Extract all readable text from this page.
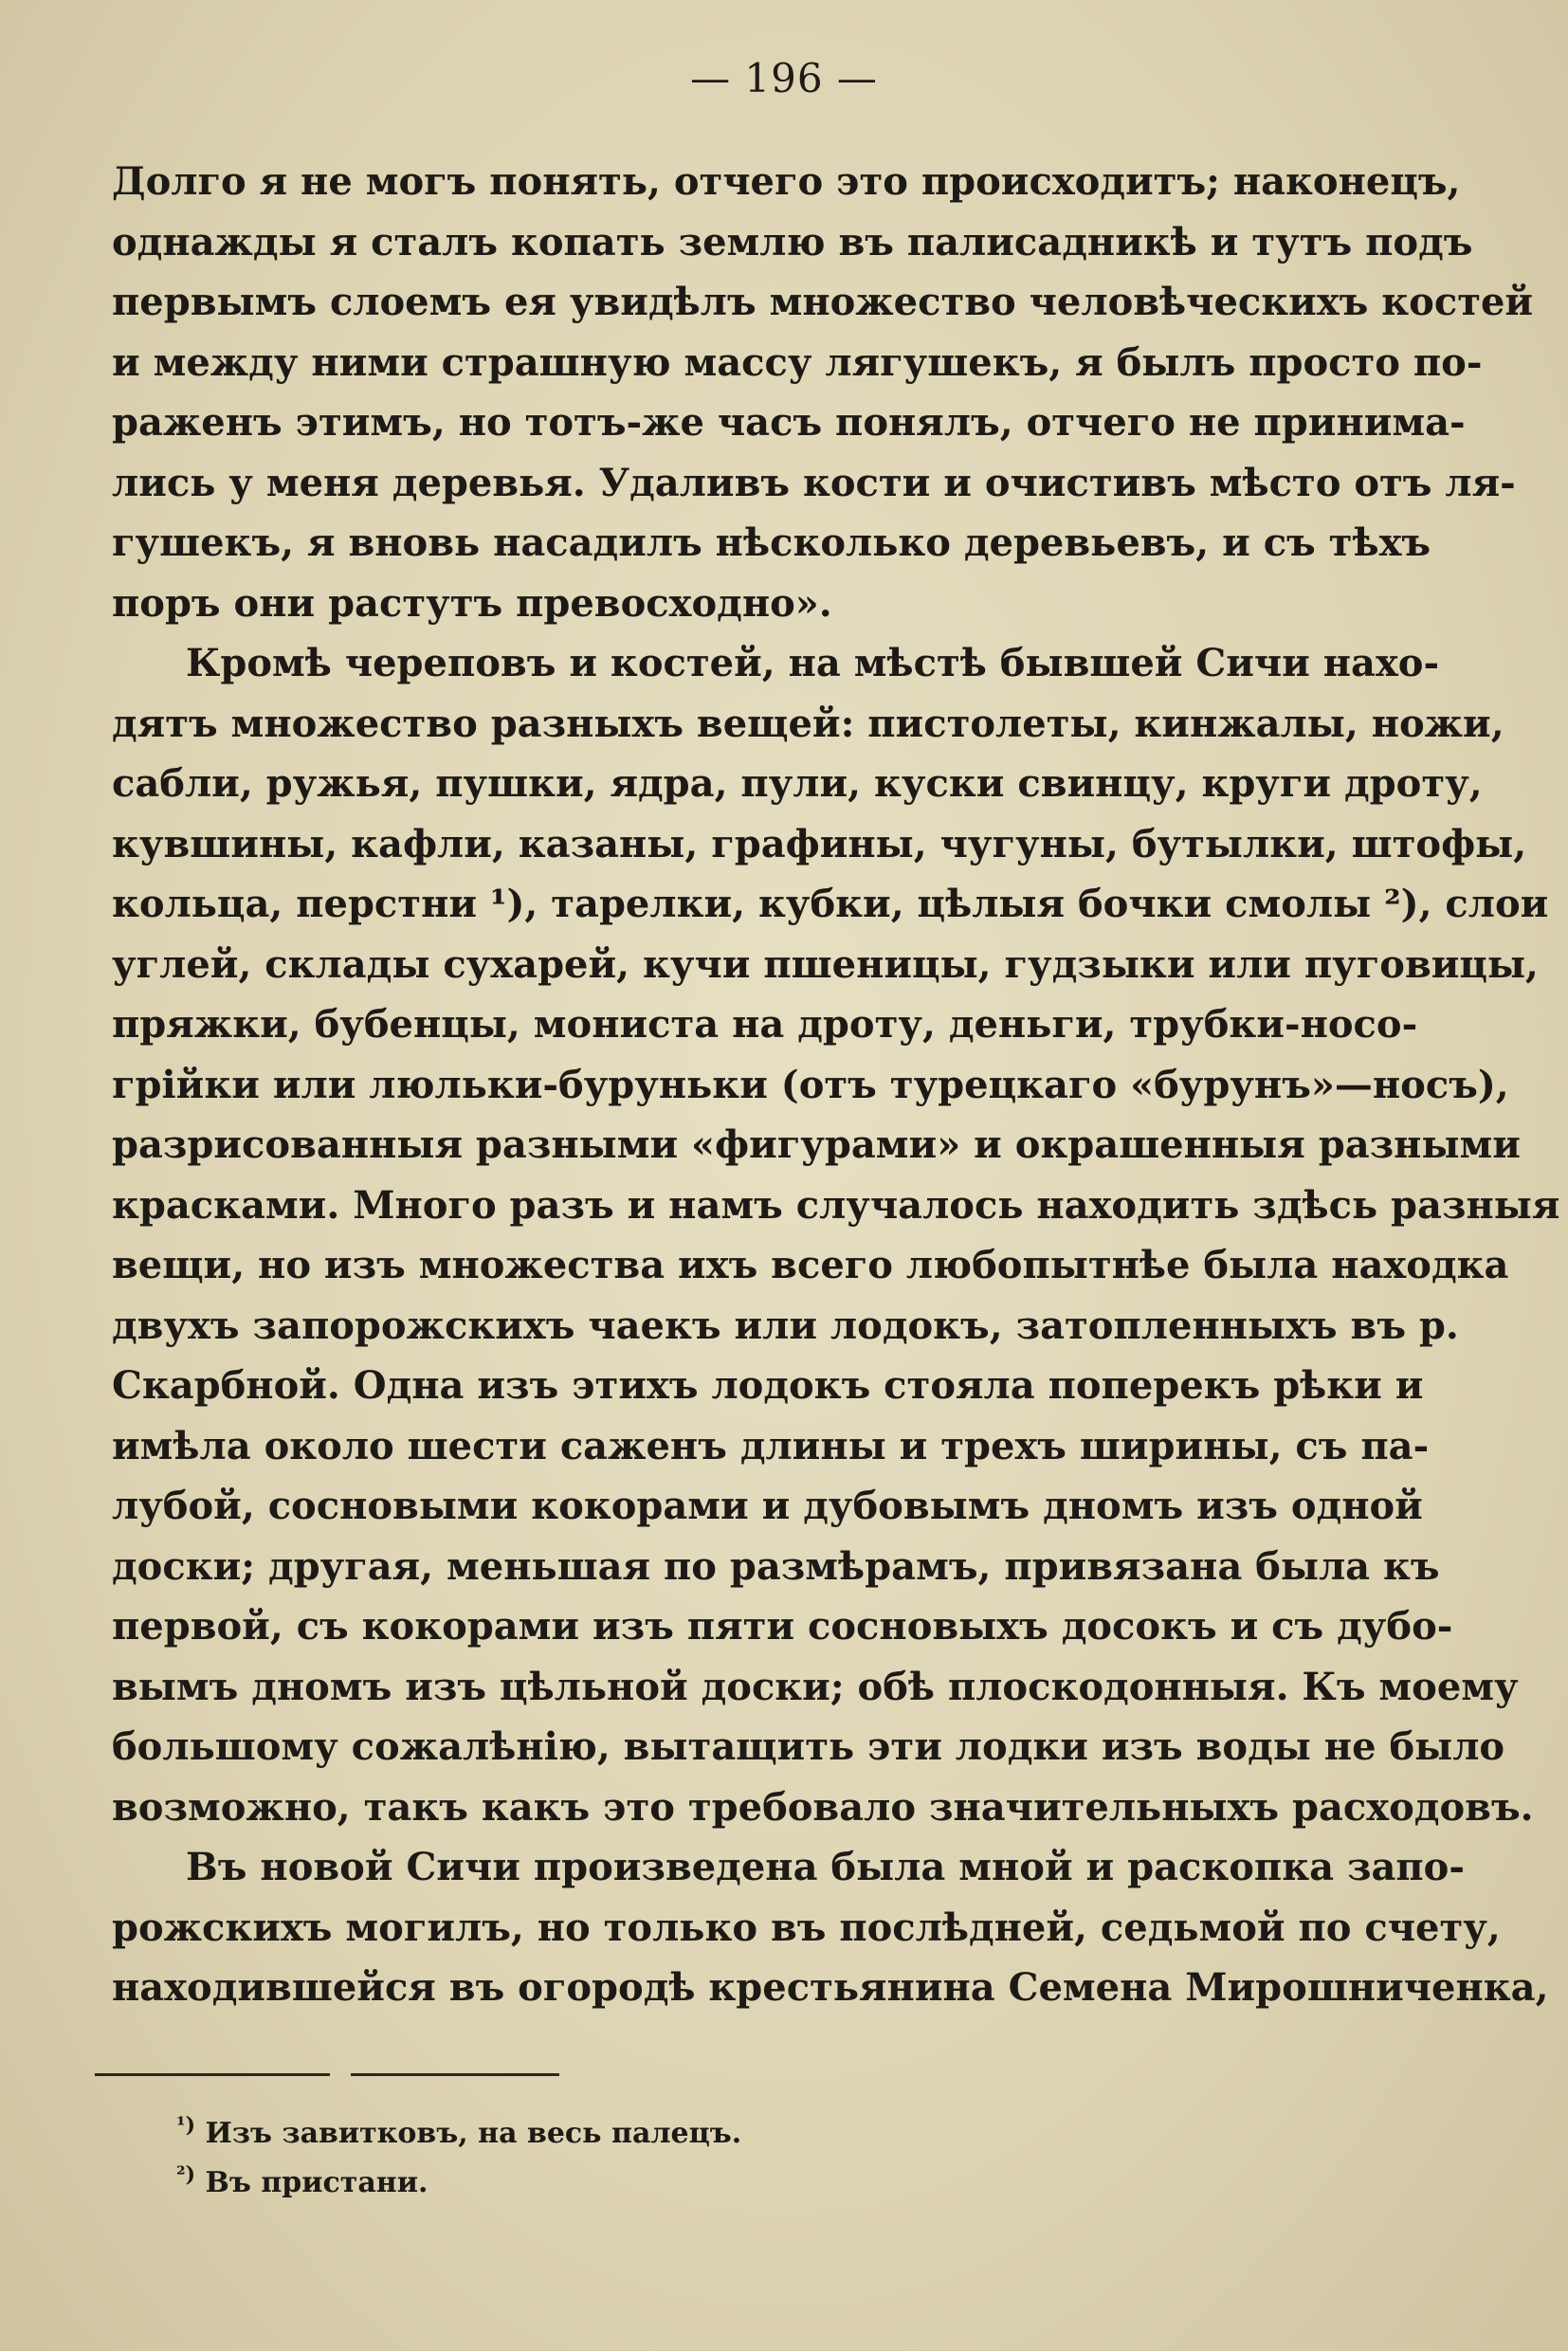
— 196 —
Долго я не могъ понять, отчего это происходитъ; наконецъ,
однажды я сталъ копать землю въ палисадникѣ и тутъ подъ
первымъ слоемъ ея увидѣлъ множество человѣческихъ костей
и между ними страшную массу лягушекъ, я былъ просто по-
раженъ этимъ, но тотъ-же часъ понялъ, отчего не принима-
лись у меня деревья. Удаливъ кости и очистивъ мѣсто отъ ля-
гушекъ, я вновь насадилъ нѣсколько деревьевъ, и съ тѣхъ
поръ они растутъ превосходно».
Кромѣ череповъ и костей, на мѣстѣ бывшей Сичи нахо-
дятъ множество разныхъ вещей: пистолеты, кинжалы, ножи,
сабли, ружья, пушки, ядра, пули, куски свинцу, круги дроту,
кувшины, кафли, казаны, графины, чугуны, бутылки, штофы,
кольца, перстни ¹), тарелки, кубки, цѣлыя бочки смолы ²), слои
углей, склады сухарей, кучи пшеницы, гудзыки или пуговицы,
пряжки, бубенцы, мониста на дроту, деньги, трубки-носо-
грійки или люльки-буруньки (отъ турецкаго «бурунъ»—носъ),
разрисованныя разными «фигурами» и окрашенныя разными
красками. Много разъ и намъ случалось находить здѣсь разныя
вещи, но изъ множества ихъ всего любопытнѣе была находка
двухъ запорожскихъ чаекъ или лодокъ, затопленныхъ въ р.
Скарбной. Одна изъ этихъ лодокъ стояла поперекъ рѣки и
имѣла около шести саженъ длины и трехъ ширины, съ па-
лубой, сосновыми кокорами и дубовымъ дномъ изъ одной
доски; другая, меньшая по размѣрамъ, привязана была къ
первой, съ кокорами изъ пяти сосновыхъ досокъ и съ дубо-
вымъ дномъ изъ цѣльной доски; обѣ плоскодонныя. Къ моему
большому сожалѣнію, вытащить эти лодки изъ воды не было
возможно, такъ какъ это требовало значительныхъ расходовъ.
Въ новой Сичи произведена была мной и раскопка запо-
рожскихъ могилъ, но только въ послѣдней, седьмой по счету,
находившейся въ огородѣ крестьянина Семена Мирошниченка,
$^{^1)}$ Изъ завитковъ, на весь палецъ.
$^{^2)}$ Въ пристани.
